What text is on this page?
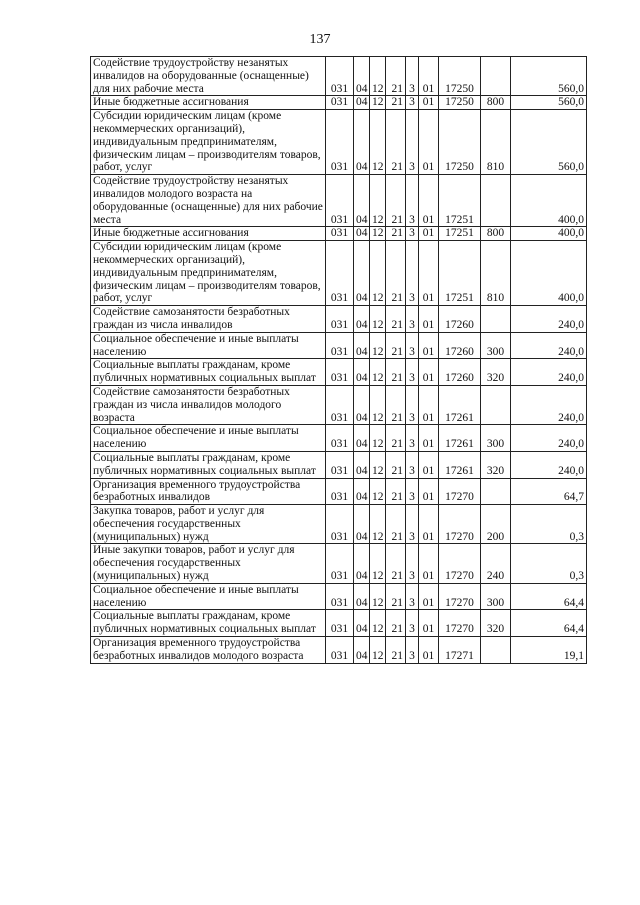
137
Содействие трудоустройству незанятых инвалидов на оборудованные (оснащенные) для них рабочие места	031	04	12	21	3	01	17250		560,0
Иные бюджетные ассигнования	031	04	12	21	3	01	17250	800	560,0
Субсидии юридическим лицам (кроме некоммерческих организаций), индивидуальным предпринимателям, физическим лицам – производителям товаров, работ, услуг	031	04	12	21	3	01	17250	810	560,0
Содействие трудоустройству незанятых инвалидов молодого возраста на оборудованные (оснащенные) для них рабочие места	031	04	12	21	3	01	17251		400,0
Иные бюджетные ассигнования	031	04	12	21	3	01	17251	800	400,0
Субсидии юридическим лицам (кроме некоммерческих организаций), индивидуальным предпринимателям, физическим лицам – производителям товаров, работ, услуг	031	04	12	21	3	01	17251	810	400,0
Содействие самозанятости безработных граждан из числа инвалидов	031	04	12	21	3	01	17260		240,0
Социальное обеспечение и иные выплаты населению	031	04	12	21	3	01	17260	300	240,0
Социальные выплаты гражданам, кроме публичных нормативных социальных выплат	031	04	12	21	3	01	17260	320	240,0
Содействие самозанятости безработных граждан из числа инвалидов молодого возраста	031	04	12	21	3	01	17261		240,0
Социальное обеспечение и иные выплаты населению	031	04	12	21	3	01	17261	300	240,0
Социальные выплаты гражданам, кроме публичных нормативных социальных выплат	031	04	12	21	3	01	17261	320	240,0
Организация временного трудоустройства безработных инвалидов	031	04	12	21	3	01	17270		64,7
Закупка товаров, работ и услуг для обеспечения государственных (муниципальных) нужд	031	04	12	21	3	01	17270	200	0,3
Иные закупки товаров, работ и услуг для обеспечения государственных (муниципальных) нужд	031	04	12	21	3	01	17270	240	0,3
Социальное обеспечение и иные выплаты населению	031	04	12	21	3	01	17270	300	64,4
Социальные выплаты гражданам, кроме публичных нормативных социальных выплат	031	04	12	21	3	01	17270	320	64,4
Организация временного трудоустройства безработных инвалидов молодого возраста	031	04	12	21	3	01	17271		19,1
